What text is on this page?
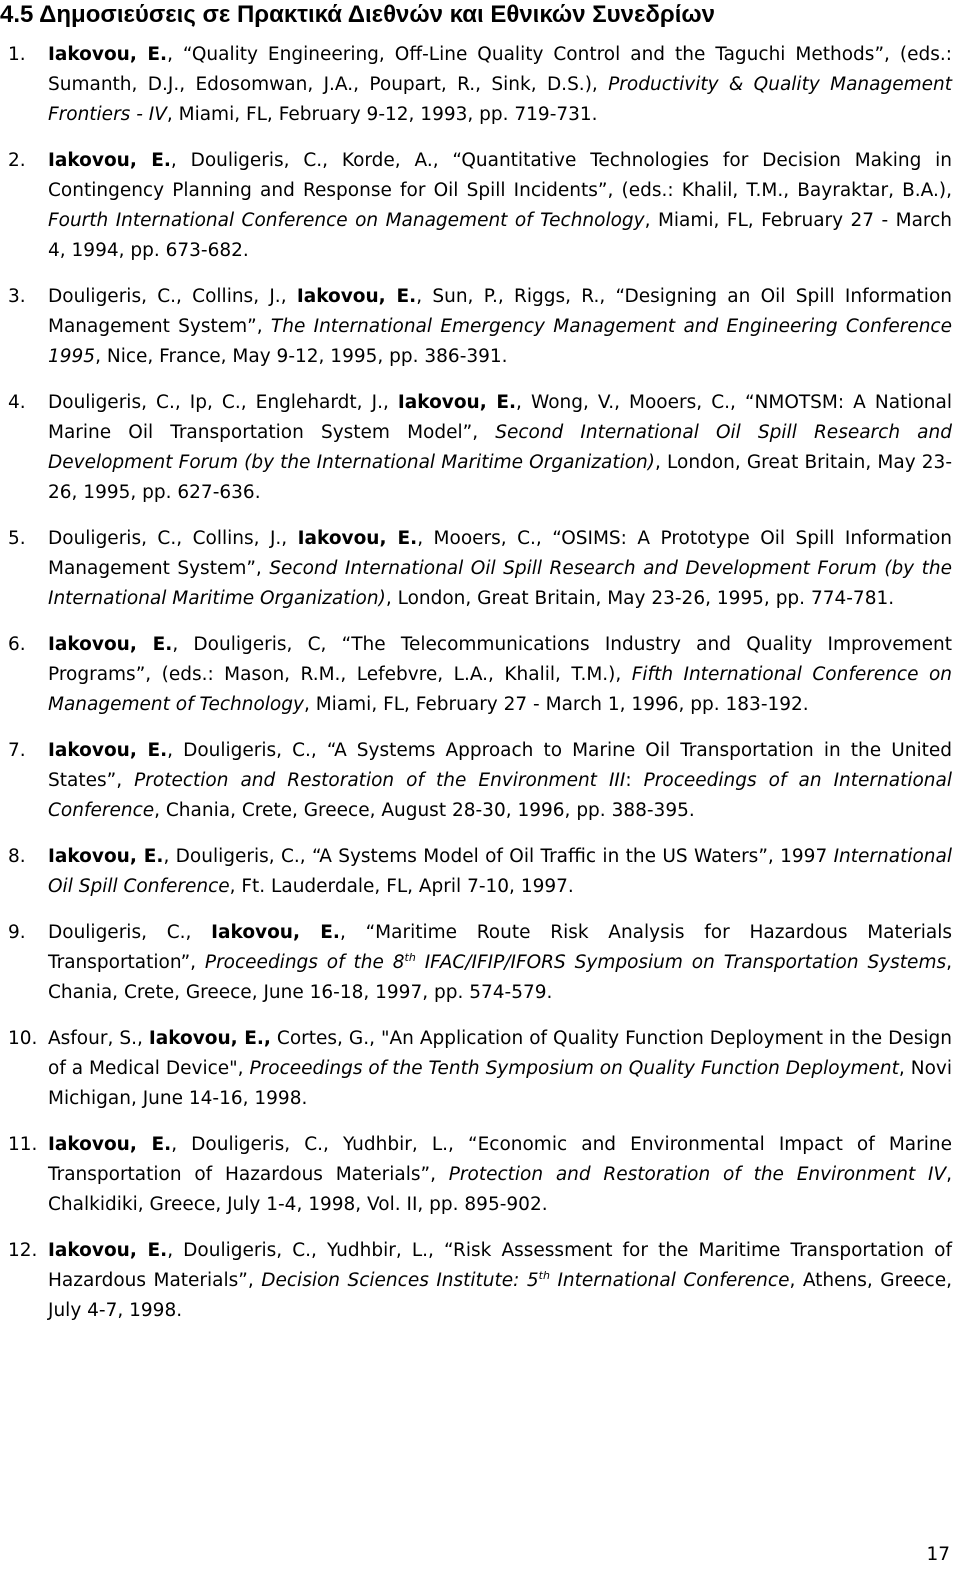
4.5 Δημοσιεύσεις σε Πρακτικά Διεθνών και Εθνικών Συνεδρίων
1. Iakovou, E., “Quality Engineering, Off-Line Quality Control and the Taguchi Methods”, (eds.: Sumanth, D.J., Edosomwan, J.A., Poupart, R., Sink, D.S.), Productivity & Quality Management Frontiers - IV, Miami, FL, February 9-12, 1993, pp. 719-731.
2. Iakovou, E., Douligeris, C., Korde, A., “Quantitative Technologies for Decision Making in Contingency Planning and Response for Oil Spill Incidents”, (eds.: Khalil, T.M., Bayraktar, B.A.), Fourth International Conference on Management of Technology, Miami, FL, February 27 - March 4, 1994, pp. 673-682.
3. Douligeris, C., Collins, J., Iakovou, E., Sun, P., Riggs, R., “Designing an Oil Spill Information Management System”, The International Emergency Management and Engineering Conference 1995, Nice, France, May 9-12, 1995, pp. 386-391.
4. Douligeris, C., Ip, C., Englehardt, J., Iakovou, E., Wong, V., Mooers, C., “NMOTSM: A National Marine Oil Transportation System Model”, Second International Oil Spill Research and Development Forum (by the International Maritime Organization), London, Great Britain, May 23-26, 1995, pp. 627-636.
5. Douligeris, C., Collins, J., Iakovou, E., Mooers, C., “OSIMS: A Prototype Oil Spill Information Management System”, Second International Oil Spill Research and Development Forum (by the International Maritime Organization), London, Great Britain, May 23-26, 1995, pp. 774-781.
6. Iakovou, E., Douligeris, C, “The Telecommunications Industry and Quality Improvement Programs”, (eds.: Mason, R.M., Lefebvre, L.A., Khalil, T.M.), Fifth International Conference on Management of Technology, Miami, FL, February 27 - March 1, 1996, pp. 183-192.
7. Iakovou, E., Douligeris, C., “A Systems Approach to Marine Oil Transportation in the United States”, Protection and Restoration of the Environment III: Proceedings of an International Conference, Chania, Crete, Greece, August 28-30, 1996, pp. 388-395.
8. Iakovou, E., Douligeris, C., “A Systems Model of Oil Traffic in the US Waters”, 1997 International Oil Spill Conference, Ft. Lauderdale, FL, April 7-10, 1997.
9. Douligeris, C., Iakovou, E., “Maritime Route Risk Analysis for Hazardous Materials Transportation”, Proceedings of the 8th IFAC/IFIP/IFORS Symposium on Transportation Systems, Chania, Crete, Greece, June 16-18, 1997, pp. 574-579.
10. Asfour, S., Iakovou, E., Cortes, G., "An Application of Quality Function Deployment in the Design of a Medical Device", Proceedings of the Tenth Symposium on Quality Function Deployment, Novi Michigan, June 14-16, 1998.
11. Iakovou, E., Douligeris, C., Yudhbir, L., “Economic and Environmental Impact of Marine Transportation of Hazardous Materials”, Protection and Restoration of the Environment IV, Chalkidiki, Greece, July 1-4, 1998, Vol. II, pp. 895-902.
12. Iakovou, E., Douligeris, C., Yudhbir, L., “Risk Assessment for the Maritime Transportation of Hazardous Materials”, Decision Sciences Institute: 5th International Conference, Athens, Greece, July 4-7, 1998.
17
